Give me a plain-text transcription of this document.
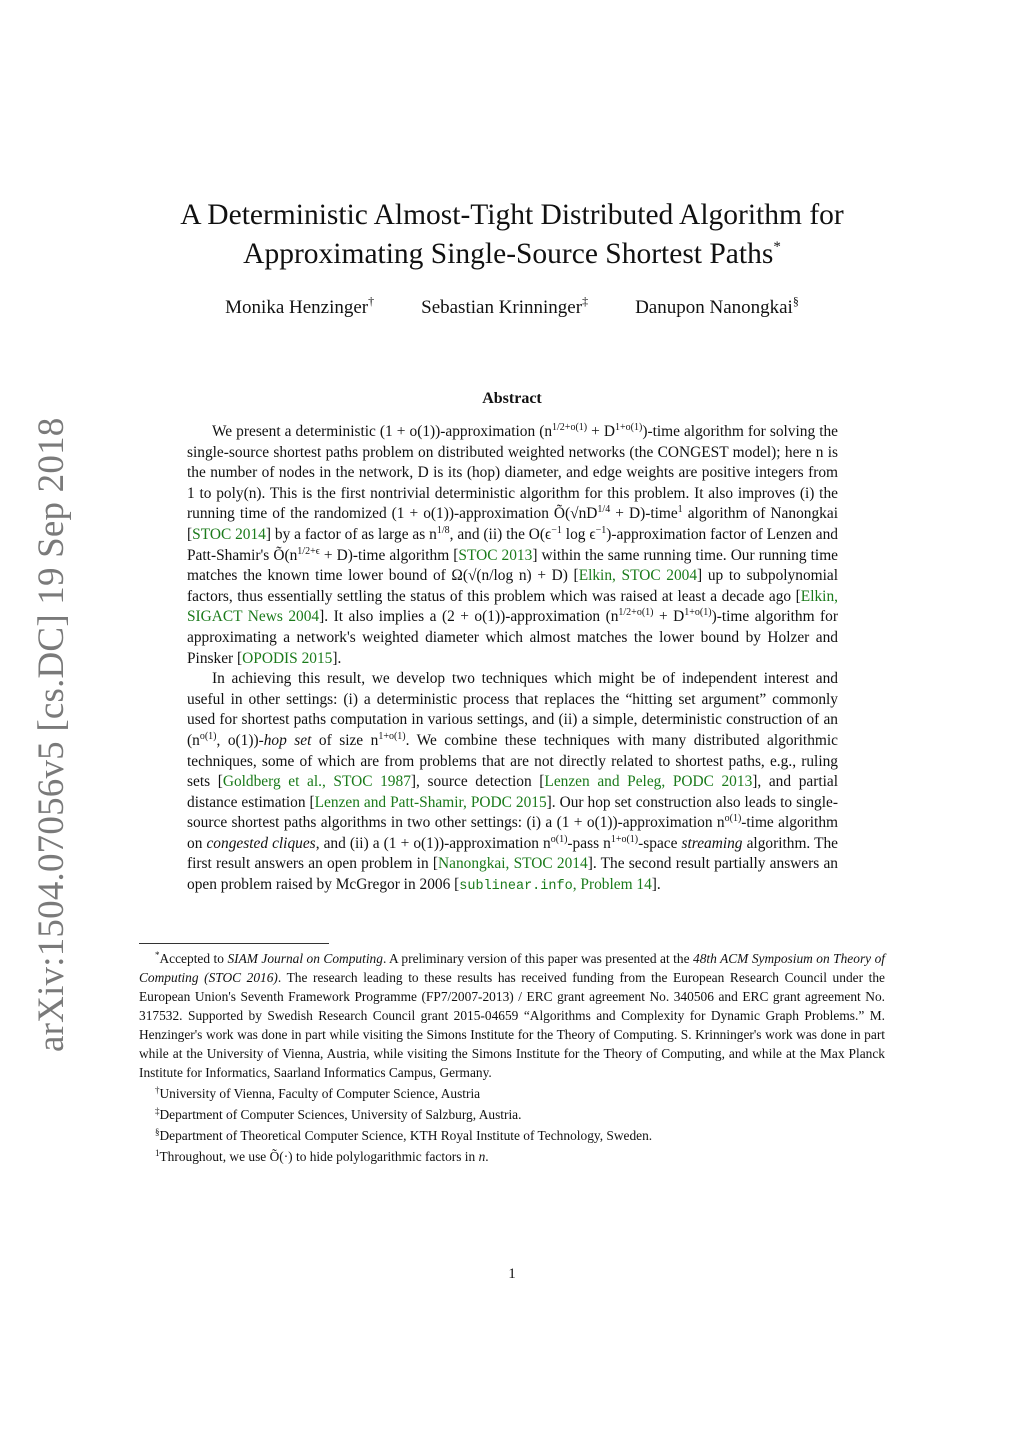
arXiv:1504.07056v5 [cs.DC] 19 Sep 2018
A Deterministic Almost-Tight Distributed Algorithm for
Approximating Single-Source Shortest Paths*
Monika Henzinger† Sebastian Krinninger‡ Danupon Nanongkai§
Abstract

We present a deterministic (1 + o(1))-approximation ($n^{1/2+o(1)}$ + $D^{1+o(1)}$)-time algorithm for solving the single-source shortest paths problem on distributed weighted networks (the CONGEST model); here n is the number of nodes in the network, D is its (hop) diameter, and edge weights are positive integers from 1 to poly(n). This is the first nontrivial deterministic algorithm for this problem. It also improves (i) the running time of the randomized (1 + o(1))-approximation $Õ(√nD^{1/4}$ + D)-time$^1$ algorithm of Nanongkai [STOC 2014] by a factor of as large as $n^{1/8}$, and (ii) the $O(\epsilon^{-1}$ $\log \epsilon^{-1}$)-approximation factor of Lenzen and Patt-Shamir's $Õ(n^{1/2+\epsilon}$ + D)-time algorithm [STOC 2013] within the same running time. Our running time matches the known time lower bound of Ω(√(n/log n) + D) [Elkin, STOC 2004] up to subpolynomial factors, thus essentially settling the status of this problem which was raised at least a decade ago [Elkin, SIGACT News 2004]. It also implies a (2 + o(1))-approximation ($n^{1/2+o(1)}$ + $D^{1+o(1)}$)-time algorithm for approximating a network's weighted diameter which almost matches the lower bound by Holzer and Pinsker [OPODIS 2015].

In achieving this result, we develop two techniques which might be of independent interest and useful in other settings: (i) a deterministic process that replaces the “hitting set argument” commonly used for shortest paths computation in various settings, and (ii) a simple, deterministic construction of an ($n^{o(1)}$, o(1))-hop set of size $n^{1+o(1)}$. We combine these techniques with many distributed algorithmic techniques, some of which are from problems that are not directly related to shortest paths, e.g., ruling sets [Goldberg et al., STOC 1987], source detection [Lenzen and Peleg, PODC 2013], and partial distance estimation [Lenzen and Patt-Shamir, PODC 2015]. Our hop set construction also leads to single-source shortest paths algorithms in two other settings: (i) a (1 + o(1))-approximation $n^{o(1)}$-time algorithm on congested cliques, and (ii) a (1 + o(1))-approximation $n^{o(1)}$-pass $n^{1+o(1)}$-space streaming algorithm. The first result answers an open problem in [Nanongkai, STOC 2014]. The second result partially answers an open problem raised by McGregor in 2006 [sublinear.info, Problem 14].

*Accepted to SIAM Journal on Computing. A preliminary version of this paper was presented at the 48th ACM Symposium on Theory of Computing (STOC 2016). The research leading to these results has received funding from the European Research Council under the European Union's Seventh Framework Programme (FP7/2007-2013) / ERC grant agreement No. 340506 and ERC grant agreement No. 317532. Supported by Swedish Research Council grant 2015-04659 “Algorithms and Complexity for Dynamic Graph Problems.” M. Henzinger's work was done in part while visiting the Simons Institute for the Theory of Computing. S. Krinninger's work was done in part while at the University of Vienna, Austria, while visiting the Simons Institute for the Theory of Computing, and while at the Max Planck Institute for Informatics, Saarland Informatics Campus, Germany.

†University of Vienna, Faculty of Computer Science, Austria

‡Department of Computer Sciences, University of Salzburg, Austria.

§Department of Theoretical Computer Science, KTH Royal Institute of Technology, Sweden.

$^1$Throughout, we use Õ(·) to hide polylogarithmic factors in n.

1
